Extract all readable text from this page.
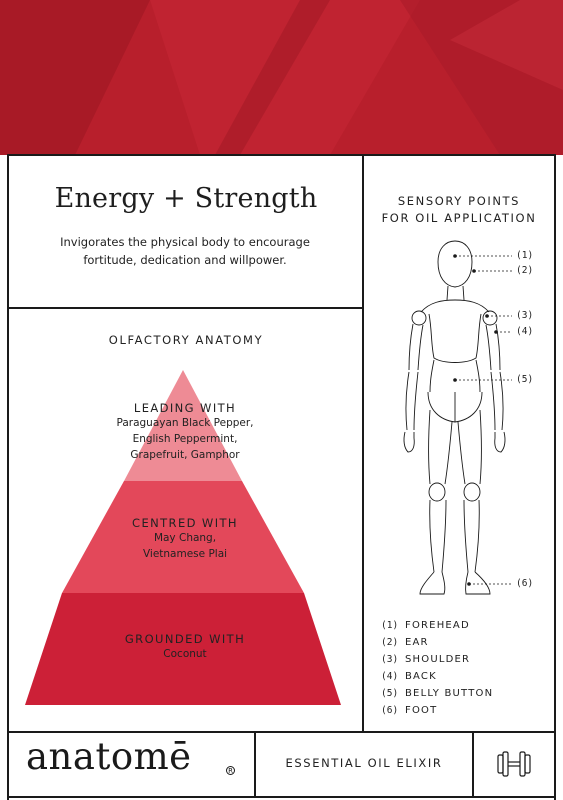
Energy + Strength
Invigorates the physical body to encourage
fortitude, dedication and willpower.
OLFACTORY ANATOMY
LEADING WITH
Paraguayan Black Pepper,
English Peppermint,
Grapefruit, Gamphor
CENTRED WITH
May Chang,
Vietnamese Plai
GROUNDED WITH
Coconut
SENSORY POINTS
FOR OIL APPLICATION
(1)
(2)
(3)
(4)
(5)
(6)
(1) FOREHEAD
(2) EAR
(3) SHOULDER
(4) BACK
(5) BELLY BUTTON
(6) FOOT
anatomē	R
ESSENTIAL OIL ELIXIR
